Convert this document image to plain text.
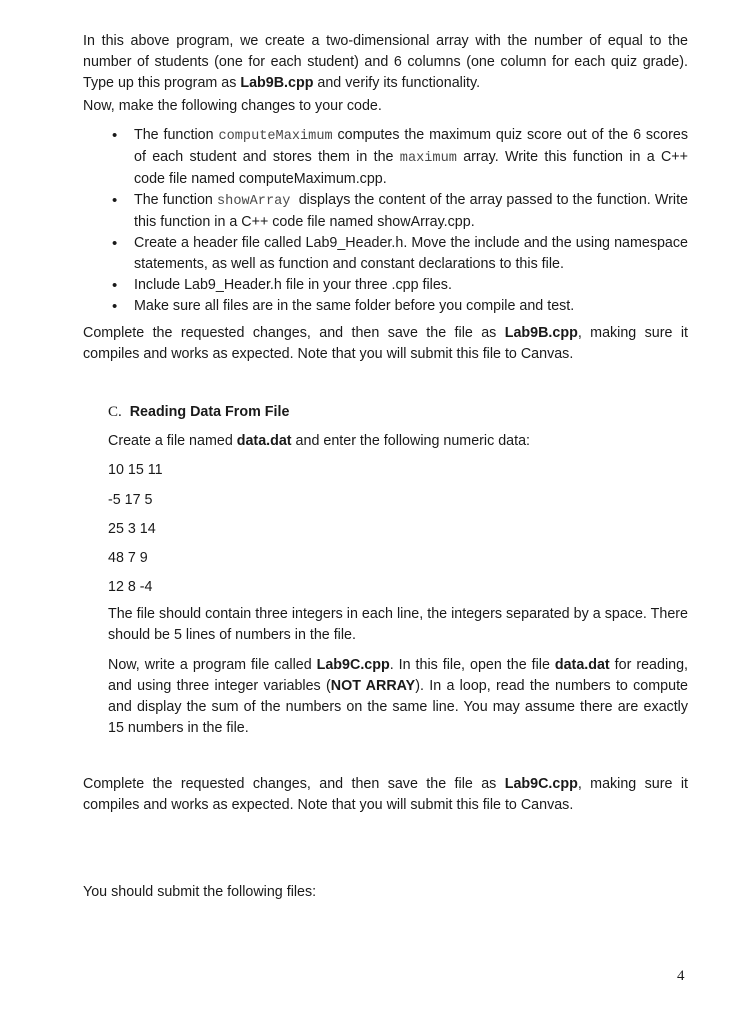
In this above program, we create a two-dimensional array with the number of equal to the number of students (one for each student) and 6 columns (one column for each quiz grade). Type up this program as Lab9B.cpp and verify its functionality.

Now, make the following changes to your code.

• The function computeMaximum computes the maximum quiz score out of the 6 scores of each student and stores them in the maximum array. Write this function in a C++ code file named computeMaximum.cpp.
• The function showArray  displays the content of the array passed to the function. Write this function in a C++ code file named showArray.cpp.
• Create a header file called Lab9_Header.h. Move the include and the using namespace statements, as well as function and constant declarations to this file.
• Include Lab9_Header.h file in your three .cpp files.
• Make sure all files are in the same folder before you compile and test.

Complete the requested changes, and then save the file as Lab9B.cpp, making sure it compiles and works as expected. Note that you will submit this file to Canvas.

C. Reading Data From File

Create a file named data.dat and enter the following numeric data:

10 15 11
-5 17 5
25 3 14
48 7 9
12 8 -4

The file should contain three integers in each line, the integers separated by a space. There should be 5 lines of numbers in the file.

Now, write a program file called Lab9C.cpp. In this file, open the file data.dat for reading, and using three integer variables (NOT ARRAY). In a loop, read the numbers to compute and display the sum of the numbers on the same line. You may assume there are exactly 15 numbers in the file.

Complete the requested changes, and then save the file as Lab9C.cpp, making sure it compiles and works as expected. Note that you will submit this file to Canvas.

You should submit the following files:

4
